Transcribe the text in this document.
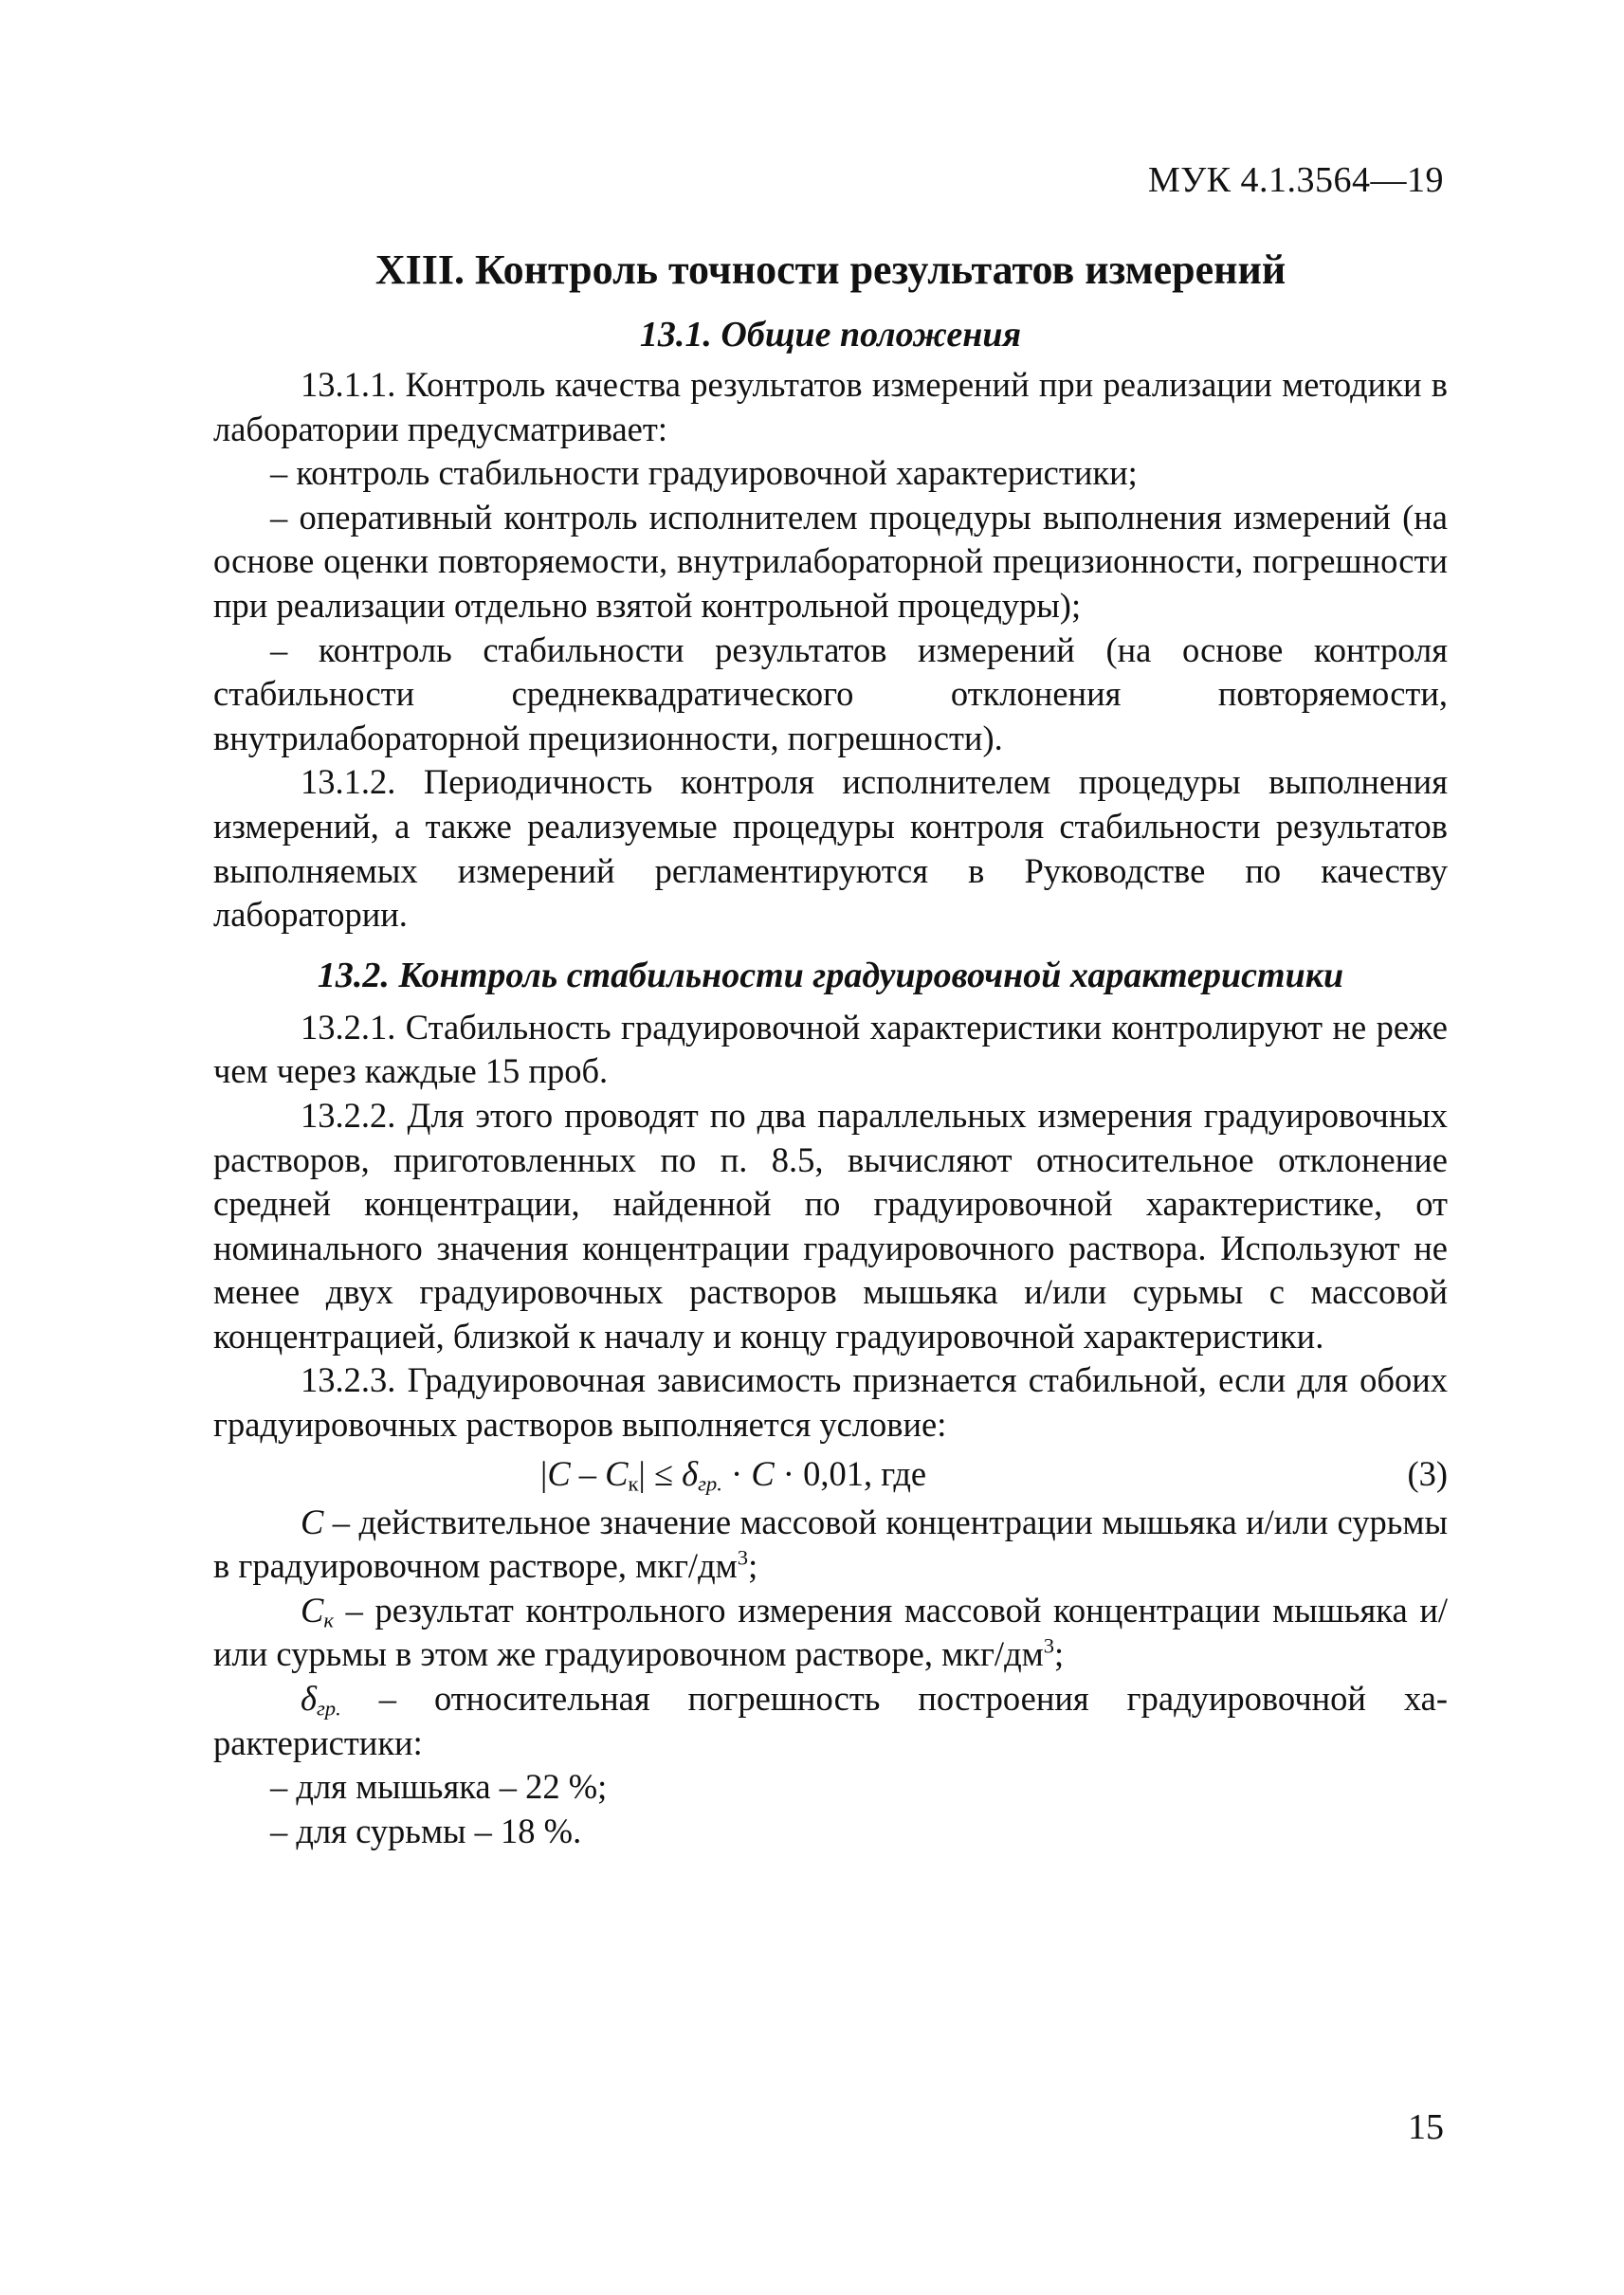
МУК 4.1.3564—19
XIII. Контроль точности результатов измерений
13.1. Общие положения

13.1.1. Контроль качества результатов измерений при реализации методики в лаборатории предусматривает:

– контроль стабильности градуировочной характеристики;

– оперативный контроль исполнителем процедуры выполнения измерений (на основе оценки повторяемости, внутрилабораторной прецизионности, погрешности при реализации отдельно взятой контрольной процедуры);

– контроль стабильности результатов измерений (на основе контроля стабильности среднеквадратического отклонения повторяемости, внутрилабораторной прецизионности, погрешности).

13.1.2. Периодичность контроля исполнителем процедуры выполнения измерений, а также реализуемые процедуры контроля стабильности результатов выполняемых измерений регламентируются в Руководстве по качеству лаборатории.

13.2. Контроль стабильности градуировочной характеристики

13.2.1. Стабильность градуировочной характеристики контролируют не реже чем через каждые 15 проб.

13.2.2. Для этого проводят по два параллельных измерения градуировочных растворов, приготовленных по п. 8.5, вычисляют относительное отклонение средней концентрации, найденной по градуировочной характеристике, от номинального значения концентрации градуировочного раствора. Используют не менее двух градуировочных растворов мышьяка и/или сурьмы с массовой концентрацией, близкой к началу и концу градуировочной характеристики.

13.2.3. Градуировочная зависимость признается стабильной, если для обоих градуировочных растворов выполняется условие:

$|C - C_к| \le \delta_{гр.} \cdot C \cdot 0,01$, где	(3)

C – действительное значение массовой концентрации мышьяка и/или сурьмы в градуировочном растворе, мкг/$дм^3$;

$C_к$ – результат контрольного измерения массовой концентрации мышьяка и/или сурьмы в этом же градуировочном растворе, мкг/$дм^3$;

$\delta_{гр.}$ – относительная погрешность построения градуировочной характеристики:

– для мышьяка – 22 %;

– для сурьмы – 18 %.

15
